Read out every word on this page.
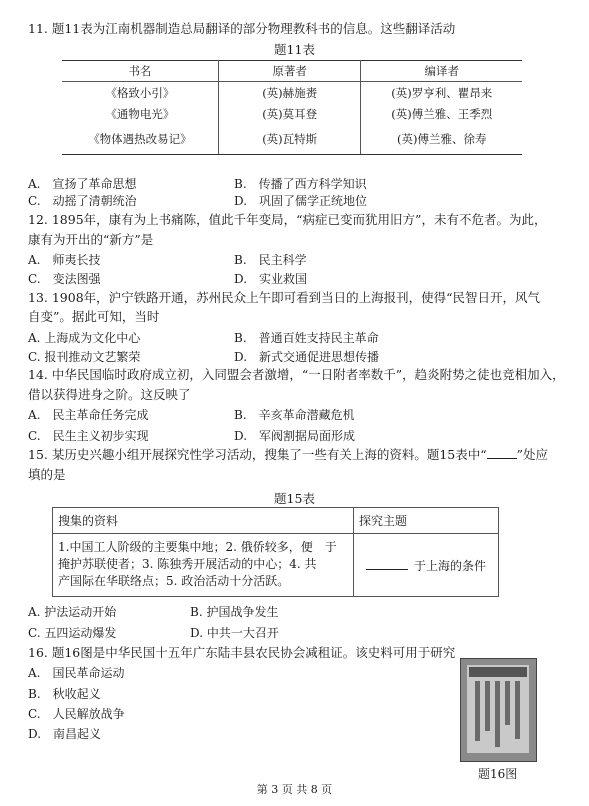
11. 题11表为江南机器制造总局翻译的部分物理教科书的信息。这些翻译活动
题11表
书名	原著者	编译者
《格致小引》	(英)赫施赉	(英)罗亨利、瞿昂来
《通物电光》	(英)莫耳登	(英)傅兰雅、王季烈
《物体遇热改易记》	(英)瓦特斯	(英)傅兰雅、徐寿
A.　宣扬了革命思想	B.　传播了西方科学知识
C.　动摇了清朝统治	D.　巩固了儒学正统地位
12. 1895年，康有为上书痛陈，值此千年变局，“病症已变而犹用旧方”，未有不危者。为此，
康有为开出的“新方”是
A.　师夷长技	B.　民主科学
C.　变法图强	D.　实业救国
13. 1908年，沪宁铁路开通，苏州民众上午即可看到当日的上海报刊，使得“民智日开，风气
自变”。据此可知，当时
A. 上海成为文化中心	B.　普通百姓支持民主革命
C. 报刊推动文艺繁荣	D.　新式交通促进思想传播
14. 中华民国临时政府成立初，入同盟会者激增，“一日附者率数千”，趋炎附势之徒也竞相加入，
借以获得进身之阶。这反映了
A.　民主革命任务完成	B.　辛亥革命潜藏危机
C.　民生主义初步实现	D.　军阀割据局面形成
15. 某历史兴趣小组开展探究性学习活动，搜集了一些有关上海的资料。题15表中“ ”处应
填的是
题15表
搜集的资料	探究主题

1.中国工人阶级的主要集中地；2. 俄侨较多，便　于
掩护苏联使者；3. 陈独秀开展活动的中心；4. 共
产国际在华联络点；5. 政治活动十分活跃。	于上海的条件
A. 护法运动开始	B. 护国战争发生
C. 五四运动爆发	D. 中共一大召开
16. 题16图是中华民国十五年广东陆丰县农民协会减租证。该史料可用于研究
A.　国民革命运动
B.　秋收起义
C.　人民解放战争
D.　南昌起义
题16图
第 3 页 共 8 页
